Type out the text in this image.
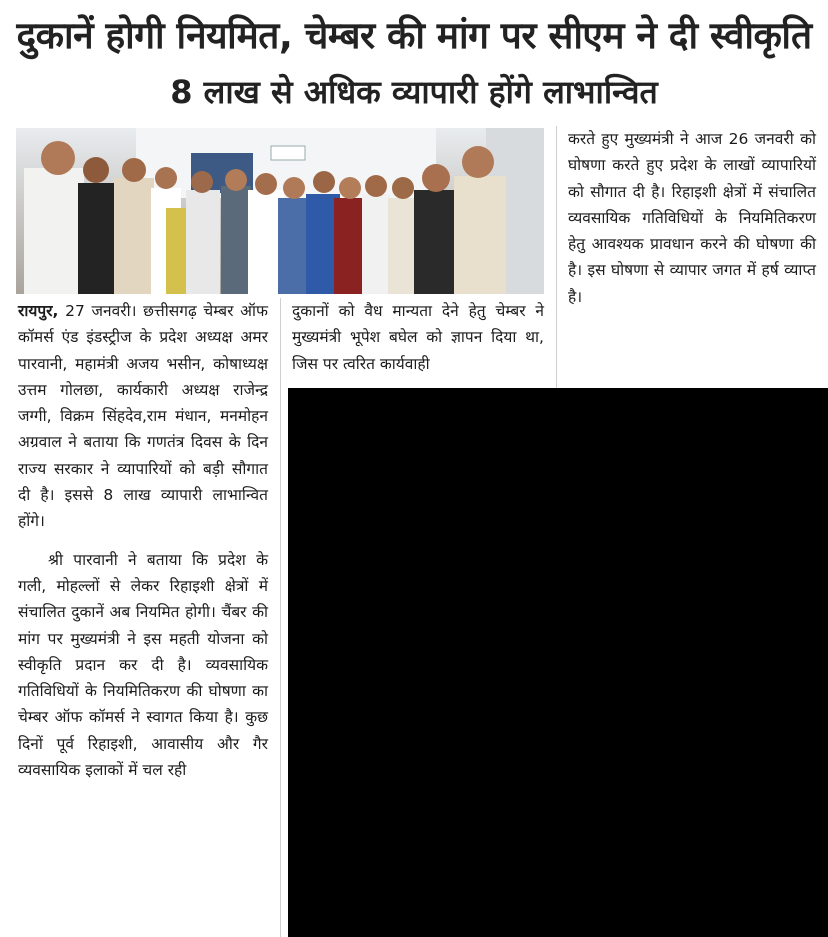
दुकानें होगी नियमित, चेम्बर की मांग पर सीएम ने दी स्वीकृति
8 लाख से अधिक व्यापारी होंगे लाभान्वित

रायपुर, 27 जनवरी। छत्तीसगढ़ चेम्बर ऑफ कॉमर्स एंड इंडस्ट्रीज के प्रदेश अध्यक्ष अमर पारवानी, महामंत्री अजय भसीन, कोषाध्यक्ष उत्तम गोलछा, कार्यकारी अध्यक्ष राजेन्द्र जग्गी, विक्रम सिंहदेव,राम मंधान, मनमोहन अग्रवाल ने बताया कि गणतंत्र दिवस के दिन राज्य सरकार ने व्यापारियों को बड़ी सौगात दी है। इससे 8 लाख व्यापारी लाभान्वित होंगे।

श्री पारवानी ने बताया कि प्रदेश के गली, मोहल्लों से लेकर रिहाइशी क्षेत्रों में संचालित दुकानें अब नियमित होगी। चैंबर की मांग पर मुख्यमंत्री ने इस महती योजना को स्वीकृति प्रदान कर दी है। व्यवसायिक गतिविधियों के नियमितिकरण की घोषणा का चेम्बर ऑफ कॉमर्स ने स्वागत किया है। कुछ दिनों पूर्व रिहाइशी, आवासीय और गैर व्यवसायिक इलाकों में चल रही

दुकानों को वैध मान्यता देने हेतु चेम्बर ने मुख्यमंत्री भूपेश बघेल को ज्ञापन दिया था, जिस पर त्वरित कार्यवाही

करते हुए मुख्यमंत्री ने आज 26 जनवरी को घोषणा करते हुए प्रदेश के लाखों व्यापारियों को सौगात दी है। रिहाइशी क्षेत्रों में संचालित व्यवसायिक गतिविधियों के नियमितिकरण हेतु आवश्यक प्रावधान करने की घोषणा की है। इस घोषणा से व्यापार जगत में हर्ष व्याप्त है।
